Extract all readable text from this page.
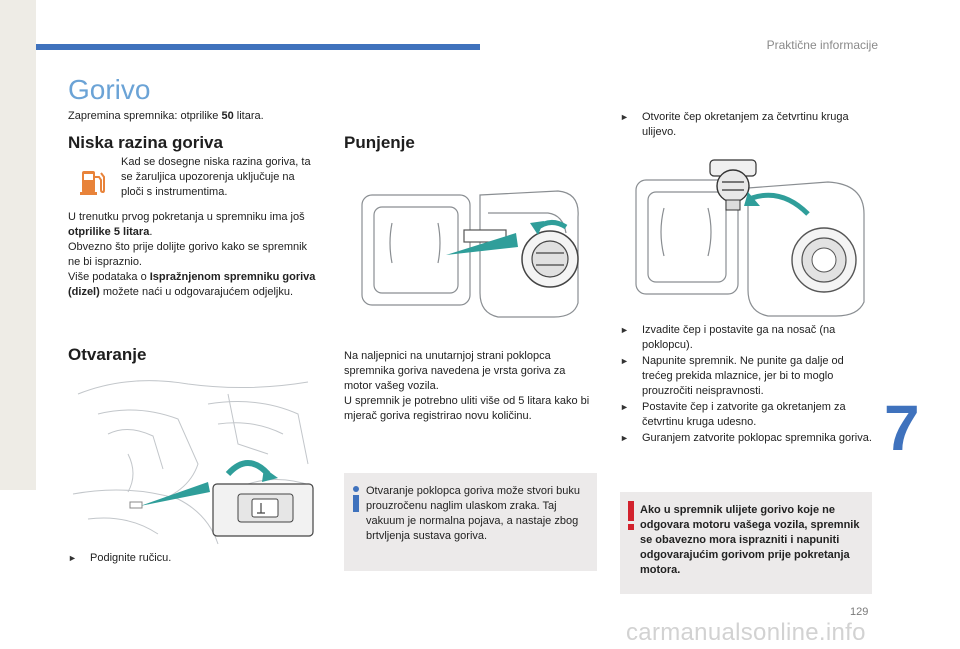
Praktične informacije
Gorivo
Zapremina spremnika: otprilike 50 litara.
Niska razina goriva
Kad se dosegne niska razina goriva, ta se žaruljica upozorenja uključuje na ploči s instrumentima.
U trenutku prvog pokretanja u spremniku ima još otprilike 5 litara.
Obvezno što prije dolijte gorivo kako se spremnik ne bi ispraznio.
Više podataka o Ispražnjenom spremniku goriva (dizel) možete naći u odgovarajućem odjeljku.
Otvaranje
►	Podignite ručicu.
Punjenje
Na naljepnici na unutarnjoj strani poklopca spremnika goriva navedena je vrsta goriva za motor vašeg vozila.
U spremnik je potrebno uliti više od 5 litara kako bi mjerač goriva registrirao novu količinu.
Otvaranje poklopca goriva može stvori buku prouzročenu naglim ulaskom zraka. Taj vakuum je normalna pojava, a nastaje zbog brtvljenja sustava goriva.
►	Otvorite čep okretanjem za četvrtinu kruga ulijevo.
►	Izvadite čep i postavite ga na nosač (na poklopcu).
►	Napunite spremnik. Ne punite ga dalje od trećeg prekida mlaznice, jer bi to moglo prouzročiti neispravnosti.
►	Postavite čep i zatvorite ga okretanjem za četvrtinu kruga udesno.
►	Guranjem zatvorite poklopac spremnika goriva.
Ako u spremnik ulijete gorivo koje ne odgovara motoru vašega vozila, spremnik se obavezno mora isprazniti i napuniti odgovarajućim gorivom prije pokretanja motora.
7
129
carmanualsonline.info
